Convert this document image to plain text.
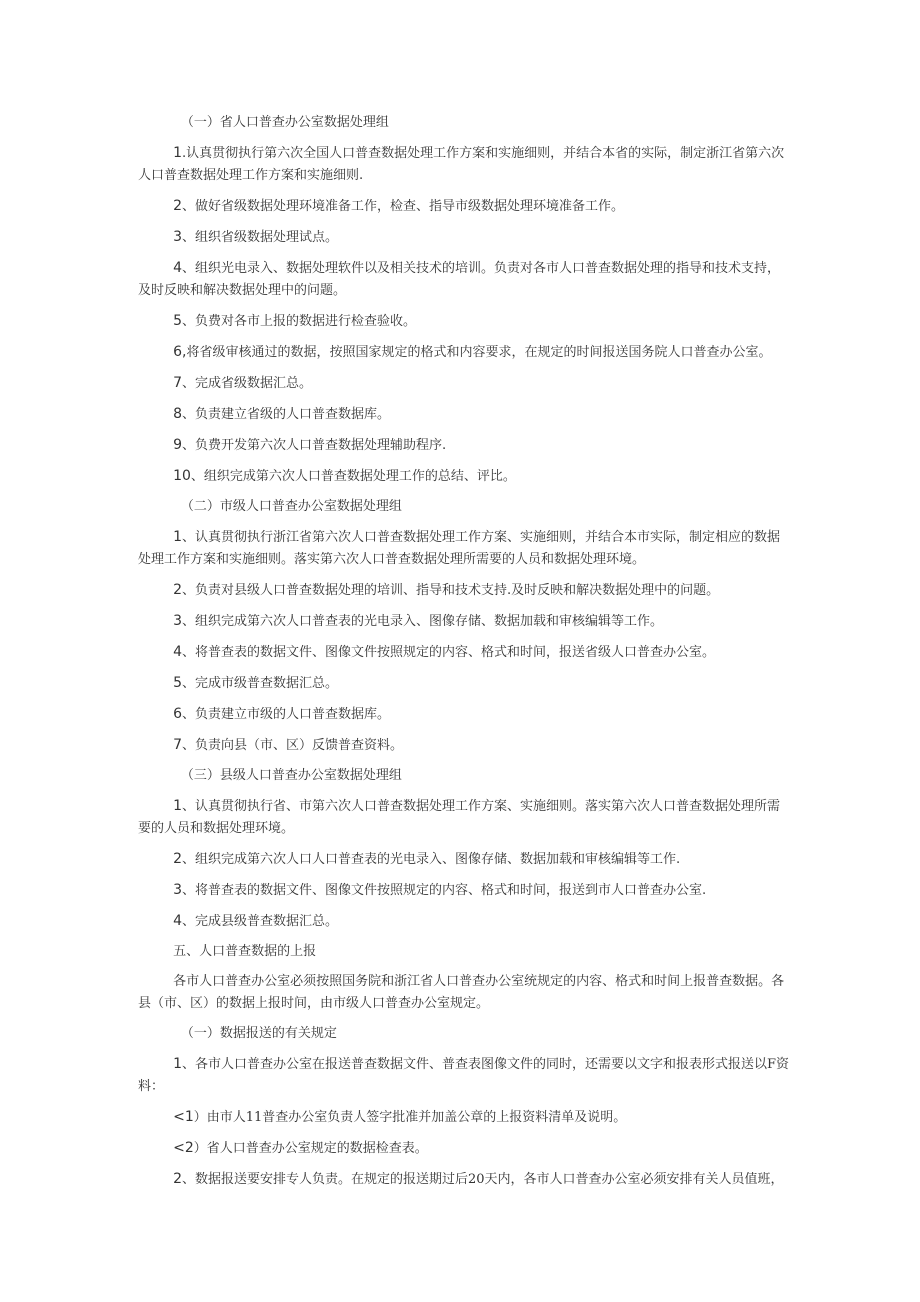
（一）省人口普查办公室数据处理组

1.认真贯彻执行第六次全国人口普查数据处理工作方案和实施细则，并结合本省的实际，制定浙江省第六次人口普查数据处理工作方案和实施细则.

2、做好省级数据处理环境准备工作，检查、指导市级数据处理环境准备工作。

3、组织省级数据处理试点。

4、组织光电录入、数据处理软件以及相关技术的培训。负责对各市人口普查数据处理的指导和技术支持，及时反映和解决数据处理中的问题。

5、负费对各市上报的数据进行检查验收。

6,将省级审核通过的数据，按照国家规定的格式和内容要求，在规定的时间报送国务院人口普查办公室。

7、完成省级数据汇总。

8、负责建立省级的人口普查数据库。

9、负费开发第六次人口普查数据处理辅助程序.

10、组织完成第六次人口普查数据处理工作的总结、评比。

（二）市级人口普查办公室数据处理组

1、认真贯彻执行浙江省第六次人口普查数据处理工作方案、实施细则，并结合本市实际，制定相应的数据处理工作方案和实施细则。落实第六次人口普查数据处理所需要的人员和数据处理环境。

2、负责对县级人口普查数据处理的培训、指导和技术支持.及时反映和解决数据处理中的问题。

3、组织完成第六次人口普查表的光电录入、图像存储、数据加载和审核编辑等工作。

4、将普查表的数据文件、图像文件按照规定的内容、格式和时间，报送省级人口普查办公室。

5、完成市级普查数据汇总。

6、负责建立市级的人口普查数据库。

7、负责向县（市、区）反馈普查资料。

（三）县级人口普查办公室数据处理组

1、认真贯彻执行省、市第六次人口普查数据处理工作方案、实施细则。落实第六次人口普查数据处理所需要的人员和数据处理环境。

2、组织完成第六次人口人口普查表的光电录入、图像存储、数据加载和审核编辑等工作.

3、将普查表的数据文件、图像文件按照规定的内容、格式和时间，报送到市人口普查办公室.

4、完成县级普查数据汇总。

五、人口普查数据的上报

各市人口普查办公室必须按照国务院和浙江省人口普查办公室统规定的内容、格式和时间上报普查数据。各县（市、区）的数据上报时间，由市级人口普查办公室规定。

（一）数据报送的有关规定

1、各市人口普查办公室在报送普查数据文件、普查表图像文件的同时，还需要以文字和报表形式报送以F资料：

<1）由市人11普查办公室负责人签字批准并加盖公章的上报资料清单及说明。

<2）省人口普查办公室规定的数据检查表。

2、数据报送要安排专人负责。在规定的报送期过后20天内，各市人口普查办公室必须安排有关人员值班，
